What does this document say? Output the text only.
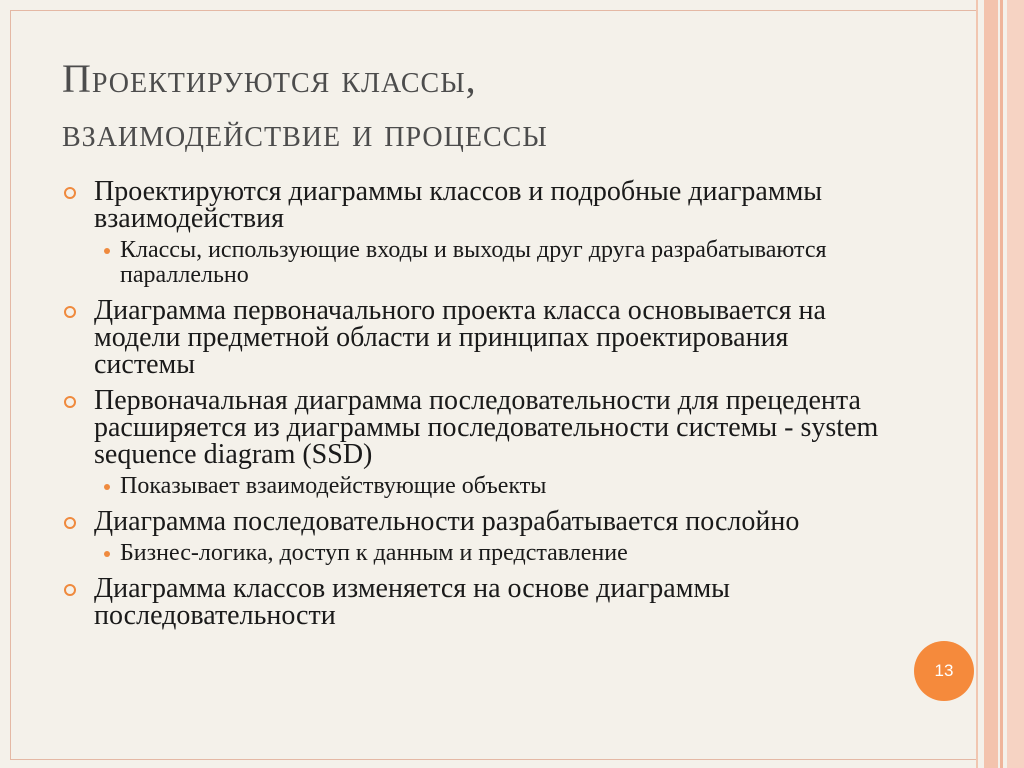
Проектируются классы,
взаимодействие и процессы
Проектируются диаграммы классов и подробные диаграммы взаимодействия
Классы, использующие входы и выходы друг друга разрабатываются параллельно
Диаграмма первоначального проекта класса основывается на модели предметной области и принципах проектирования системы
Первоначальная диаграмма последовательности для прецедента расширяется из диаграммы последовательности системы - system sequence diagram (SSD)
Показывает взаимодействующие объекты
Диаграмма последовательности разрабатывается послойно
Бизнес-логика, доступ к данным и представление
Диаграмма классов изменяется на основе диаграммы последовательности
13
